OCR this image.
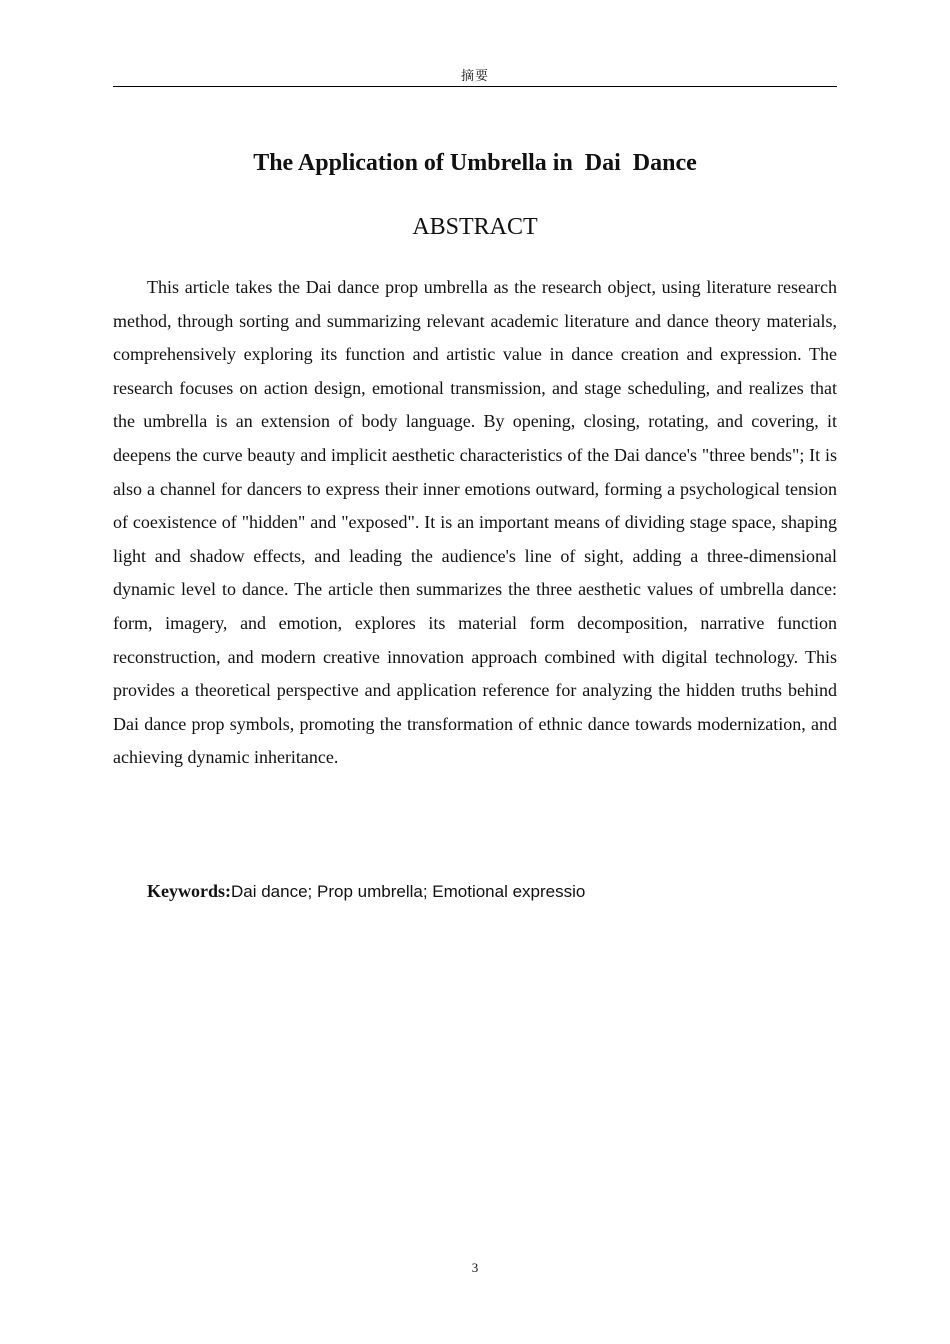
摘要
The Application of Umbrella in  Dai  Dance
ABSTRACT

This article takes the Dai dance prop umbrella as the research object, using literature research method, through sorting and summarizing relevant academic literature and dance theory materials, comprehensively exploring its function and artistic value in dance creation and expression. The research focuses on action design, emotional transmission, and stage scheduling, and realizes that the umbrella is an extension of body language. By opening, closing, rotating, and covering, it deepens the curve beauty and implicit aesthetic characteristics of the Dai dance's "three bends"; It is also a channel for dancers to express their inner emotions outward, forming a psychological tension of coexistence of "hidden" and "exposed". It is an important means of dividing stage space, shaping light and shadow effects, and leading the audience's line of sight, adding a three-dimensional dynamic level to dance. The article then summarizes the three aesthetic values of umbrella dance: form, imagery, and emotion, explores its material form decomposition, narrative function reconstruction, and modern creative innovation approach combined with digital technology. This provides a theoretical perspective and application reference for analyzing the hidden truths behind Dai dance prop symbols, promoting the transformation of ethnic dance towards modernization, and achieving dynamic inheritance.

Keywords:Dai dance; Prop umbrella; Emotional expressio

3
